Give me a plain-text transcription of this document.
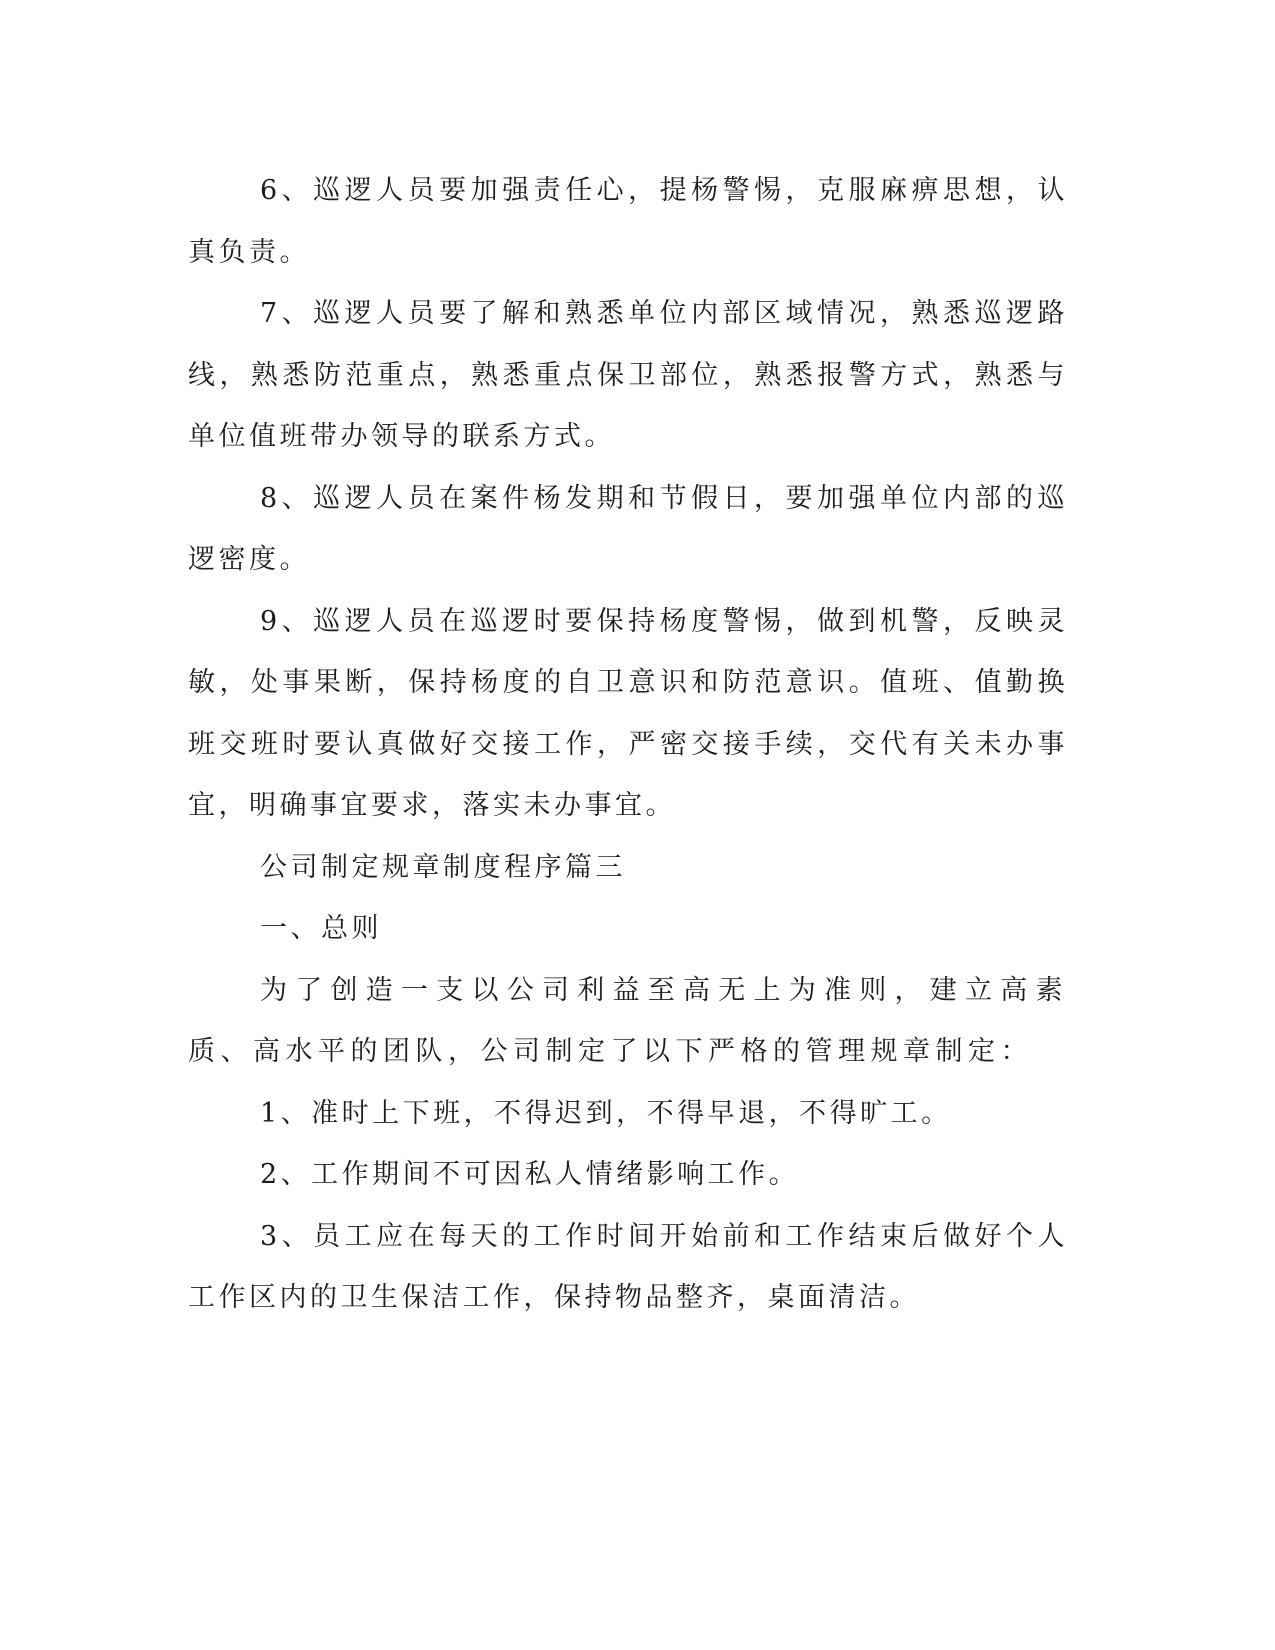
6、巡逻人员要加强责任心，提杨警惕，克服麻痹思想，认真负责。

7、巡逻人员要了解和熟悉单位内部区域情况，熟悉巡逻路线，熟悉防范重点，熟悉重点保卫部位，熟悉报警方式，熟悉与单位值班带办领导的联系方式。

8、巡逻人员在案件杨发期和节假日，要加强单位内部的巡逻密度。

9、巡逻人员在巡逻时要保持杨度警惕，做到机警，反映灵敏，处事果断，保持杨度的自卫意识和防范意识。值班、值勤换班交班时要认真做好交接工作，严密交接手续，交代有关未办事宜，明确事宜要求，落实未办事宜。

公司制定规章制度程序篇三

一、总则

为了创造一支以公司利益至高无上为准则，建立高素质、高水平的团队，公司制定了以下严格的管理规章制定：

1、准时上下班，不得迟到，不得早退，不得旷工。

2、工作期间不可因私人情绪影响工作。

3、员工应在每天的工作时间开始前和工作结束后做好个人工作区内的卫生保洁工作，保持物品整齐，桌面清洁。
